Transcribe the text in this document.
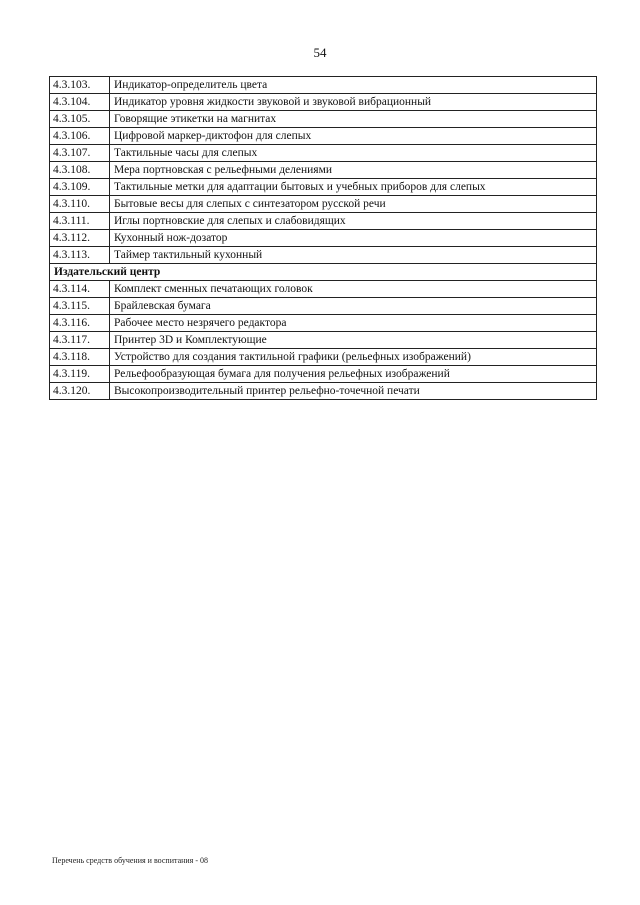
54
4.3.103.	Индикатор-определитель цвета
4.3.104.	Индикатор уровня жидкости звуковой и звуковой вибрационный
4.3.105.	Говорящие этикетки на магнитах
4.3.106.	Цифровой маркер-диктофон для слепых
4.3.107.	Тактильные часы для слепых
4.3.108.	Мера портновская с рельефными делениями
4.3.109.	Тактильные метки для адаптации бытовых и учебных приборов для слепых
4.3.110.	Бытовые весы для слепых с синтезатором русской речи
4.3.111.	Иглы портновские для слепых и слабовидящих
4.3.112.	Кухонный нож-дозатор
4.3.113.	Таймер тактильный кухонный
Издательский центр	
4.3.114.	Комплект сменных печатающих головок
4.3.115.	Брайлевская бумага
4.3.116.	Рабочее место незрячего редактора
4.3.117.	Принтер 3D и Комплектующие
4.3.118.	Устройство для создания тактильной графики (рельефных изображений)
4.3.119.	Рельефообразующая бумага для получения рельефных изображений
4.3.120.	Высокопроизводительный принтер рельефно-точечной печати
Перечень средств обучения и воспитания - 08
